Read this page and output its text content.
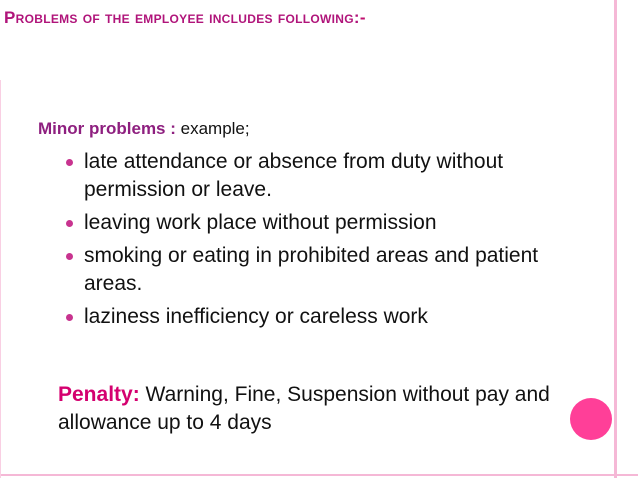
Problems of the employee includes following:-
Minor problems : example;
late attendance or absence from duty without permission or leave.
leaving work place without permission
smoking or eating in prohibited areas and patient areas.
laziness inefficiency or careless work
Penalty: Warning, Fine, Suspension without pay and allowance up to 4 days
